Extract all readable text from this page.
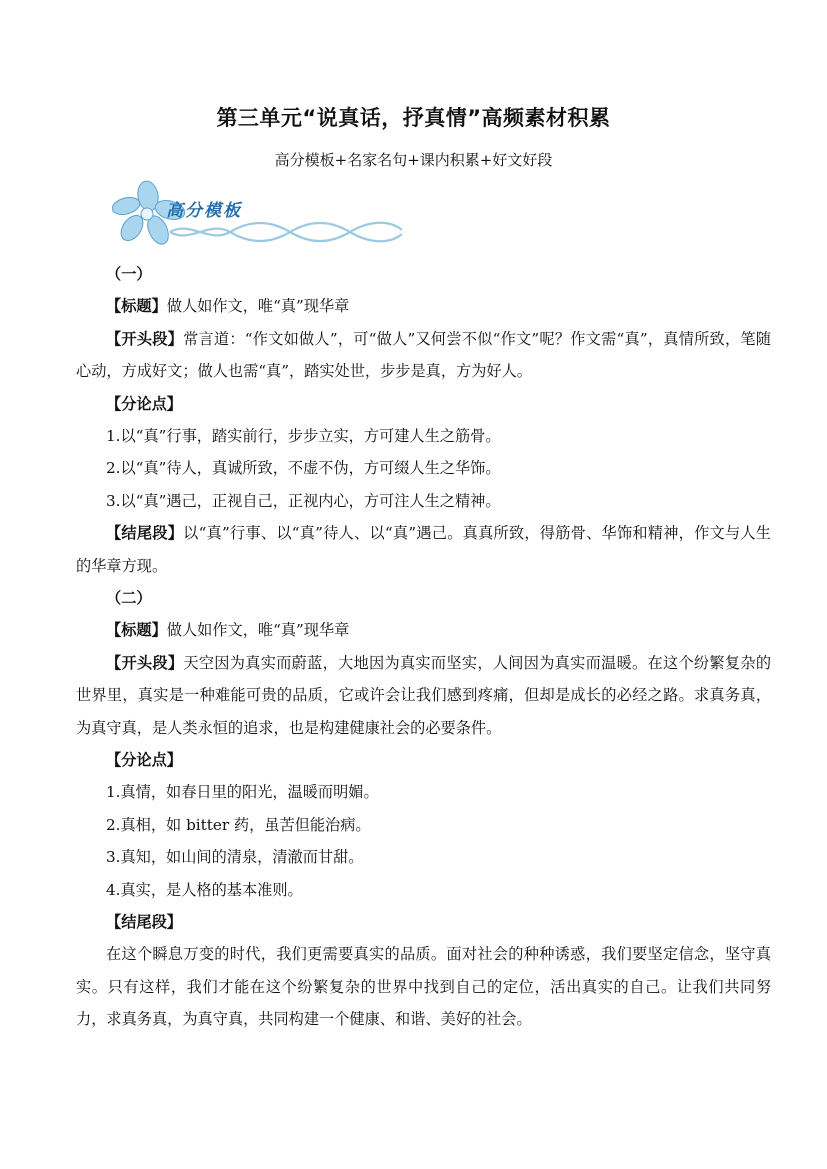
第三单元“说真话，抒真情”高频素材积累
高分模板+名家名句+课内积累+好文好段
高分模板
（一）
【标题】做人如作文，唯“真”现华章
【开头段】常言道：“作文如做人”，可“做人”又何尝不似“作文”呢？作文需“真”，真情所致，笔随心动，方成好文；做人也需“真”，踏实处世，步步是真，方为好人。
【分论点】
1.以“真”行事，踏实前行，步步立实，方可建人生之筋骨。
2.以“真”待人，真诚所致，不虚不伪，方可缀人生之华饰。
3.以“真”遇己，正视自己，正视内心，方可注人生之精神。
【结尾段】以“真”行事、以“真”待人、以“真”遇己。真真所致，得筋骨、华饰和精神，作文与人生的华章方现。
（二）
【标题】做人如作文，唯“真”现华章
【开头段】天空因为真实而蔚蓝，大地因为真实而坚实，人间因为真实而温暖。在这个纷繁复杂的世界里，真实是一种难能可贵的品质，它或许会让我们感到疼痛，但却是成长的必经之路。求真务真，为真守真，是人类永恒的追求，也是构建健康社会的必要条件。
【分论点】
1.真情，如春日里的阳光，温暖而明媚。
2.真相，如 bitter 药，虽苦但能治病。
3.真知，如山间的清泉，清澈而甘甜。
4.真实，是人格的基本准则。
【结尾段】
在这个瞬息万变的时代，我们更需要真实的品质。面对社会的种种诱惑，我们要坚定信念，坚守真实。只有这样，我们才能在这个纷繁复杂的世界中找到自己的定位，活出真实的自己。让我们共同努力，求真务真，为真守真，共同构建一个健康、和谐、美好的社会。
